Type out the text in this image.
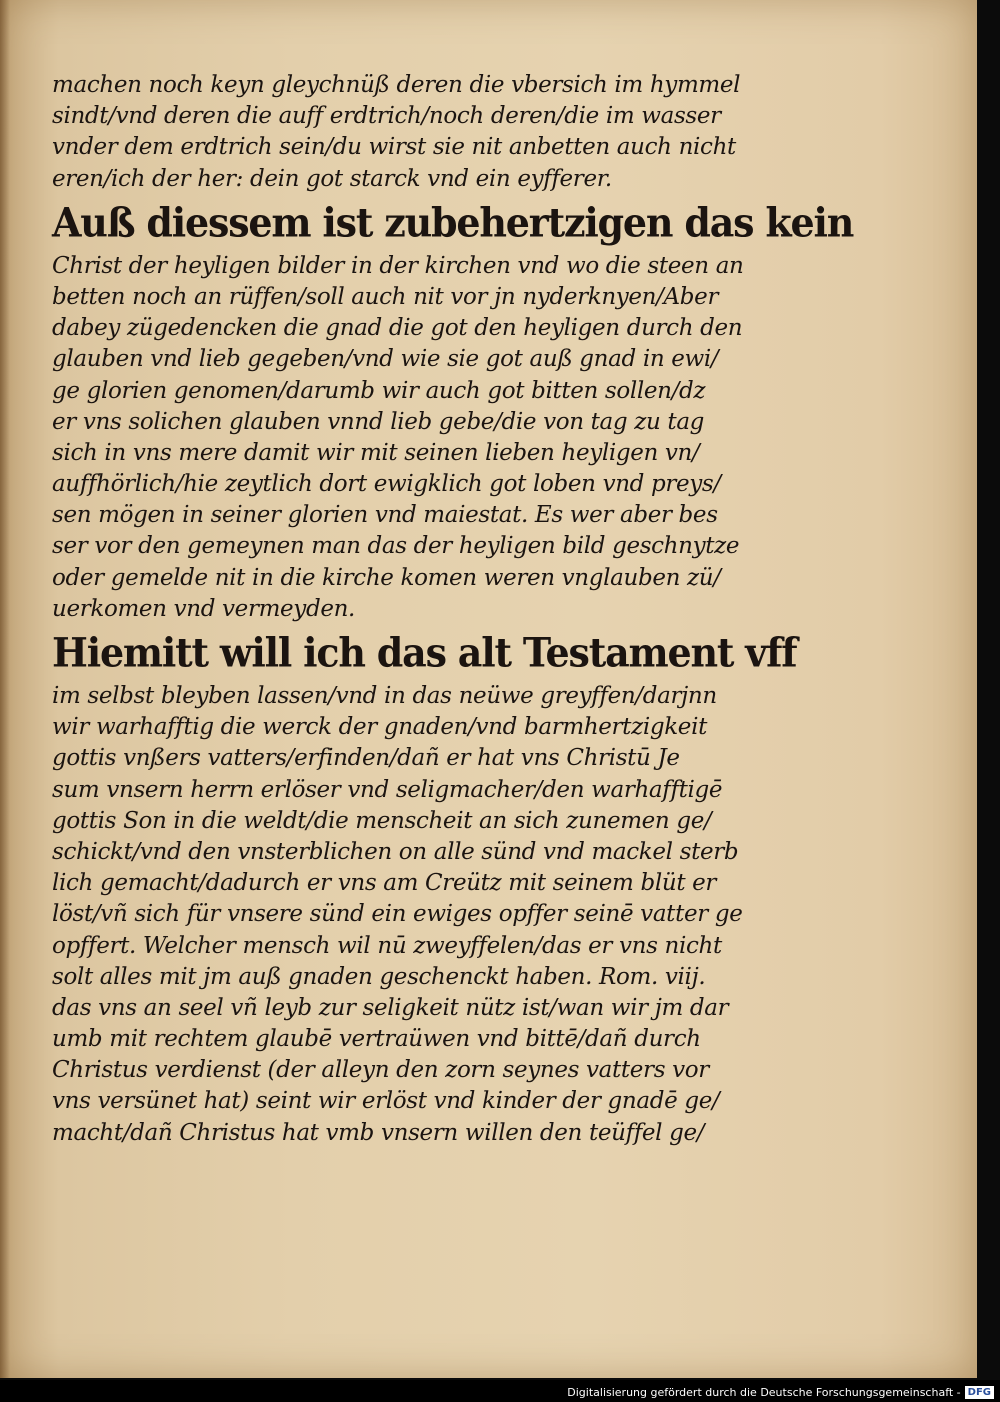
machen noch keyn gleychnüß deren die vbersich im hymmel
sindt/vnd deren die auff erdtrich/noch deren/die im wasser
vnder dem erdtrich sein/du wirst sie nit anbetten auch nicht
eren/ich der her: dein got starck vnd ein eyfferer.
Auß diessem ist zubehertzigen das kein
Christ der heyligen bilder in der kirchen vnd wo die steen an
betten noch an rüffen/soll auch nit vor jn nyderknyen/Aber
dabey zügedencken die gnad die got den heyligen durch den
glauben vnd lieb gegeben/vnd wie sie got auß gnad in ewi/
ge glorien genomen/darumb wir auch got bitten sollen/dz
er vns solichen glauben vnnd lieb gebe/die von tag zu tag
sich in vns mere damit wir mit seinen lieben heyligen vn/
auffhörlich/hie zeytlich dort ewigklich got loben vnd preys/
sen mögen in seiner glorien vnd maiestat. Es wer aber bes
ser vor den gemeynen man das der heyligen bild geschnytze
oder gemelde nit in die kirche komen weren vnglauben zü/
uerkomen vnd vermeyden.
Hiemitt will ich das alt Testament vff
im selbst bleyben lassen/vnd in das neüwe greyffen/darjnn
wir warhafftig die werck der gnaden/vnd barmhertzigkeit
gottis vnßers vatters/erfinden/dañ er hat vns Christū Je
sum vnsern herrn erlöser vnd seligmacher/den warhafftigē
gottis Son in die weldt/die menscheit an sich zunemen ge/
schickt/vnd den vnsterblichen on alle sünd vnd mackel sterb
lich gemacht/dadurch er vns am Creütz mit seinem blüt er
löst/vñ sich für vnsere sünd ein ewiges opffer seinē vatter ge
opffert. Welcher mensch wil nū zweyffelen/das er vns nicht
solt alles mit jm auß gnaden geschenckt haben. Rom. viij.
das vns an seel vñ leyb zur seligkeit nütz ist/wan wir jm dar
umb mit rechtem glaubē vertraüwen vnd bittē/dañ durch
Christus verdienst (der alleyn den zorn seynes vatters vor
vns versünet hat) seint wir erlöst vnd kinder der gnadē ge/
macht/dañ Christus hat vmb vnsern willen den teüffel ge/
Digitalisierung gefördert durch die Deutsche Forschungsgemeinschaft - DFG
